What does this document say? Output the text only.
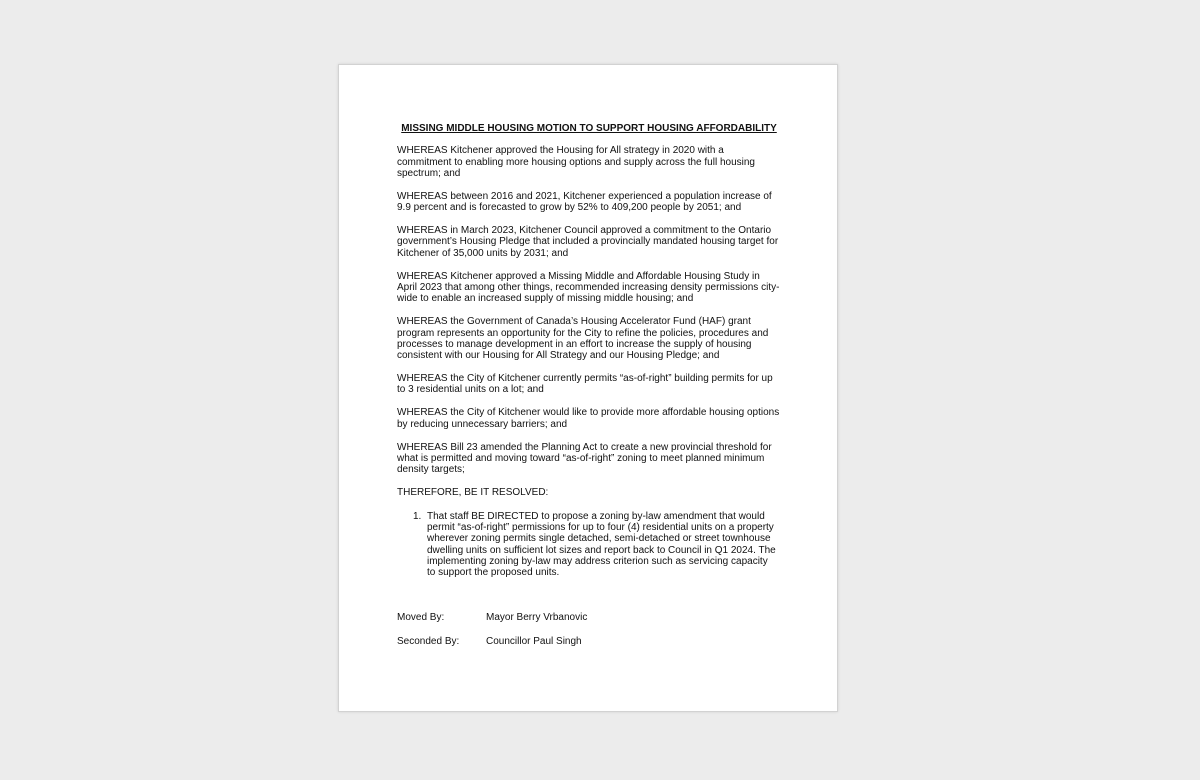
MISSING MIDDLE HOUSING MOTION TO SUPPORT HOUSING AFFORDABILITY
WHEREAS Kitchener approved the Housing for All strategy in 2020 with a commitment to enabling more housing options and supply across the full housing spectrum; and
WHEREAS between 2016 and 2021, Kitchener experienced a population increase of 9.9 percent and is forecasted to grow by 52% to 409,200 people by 2051; and
WHEREAS in March 2023, Kitchener Council approved a commitment to the Ontario government’s Housing Pledge that included a provincially mandated housing target for Kitchener of 35,000 units by 2031; and
WHEREAS Kitchener approved a Missing Middle and Affordable Housing Study in April 2023 that among other things, recommended increasing density permissions city-wide to enable an increased supply of missing middle housing; and
WHEREAS the Government of Canada’s Housing Accelerator Fund (HAF) grant program represents an opportunity for the City to refine the policies, procedures and processes to manage development in an effort to increase the supply of housing consistent with our Housing for All Strategy and our Housing Pledge; and
WHEREAS the City of Kitchener currently permits “as-of-right” building permits for up to 3 residential units on a lot; and
WHEREAS the City of Kitchener would like to provide more affordable housing options by reducing unnecessary barriers; and
WHEREAS Bill 23 amended the Planning Act to create a new provincial threshold for what is permitted and moving toward “as-of-right” zoning to meet planned minimum density targets;
THEREFORE, BE IT RESOLVED:
1. That staff BE DIRECTED to propose a zoning by-law amendment that would permit “as-of-right” permissions for up to four (4) residential units on a property wherever zoning permits single detached, semi-detached or street townhouse dwelling units on sufficient lot sizes and report back to Council in Q1 2024. The implementing zoning by-law may address criterion such as servicing capacity to support the proposed units.
Moved By:	Mayor Berry Vrbanovic
Seconded By:	Councillor Paul Singh
